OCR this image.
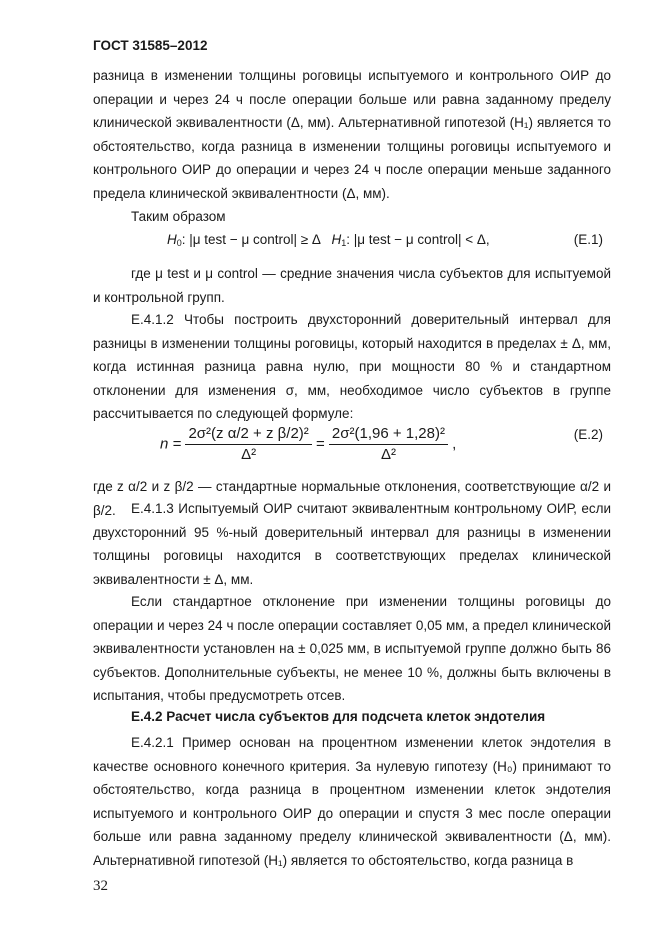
ГОСТ 31585–2012

разница в изменении толщины роговицы испытуемого и контрольного ОИР до операции и через 24 ч после операции больше или равна заданному пределу клинической эквивалентности (Δ, мм). Альтернативной гипотезой (H₁) является то обстоятельство, когда разница в изменении толщины роговицы испытуемого и контрольного ОИР до операции и через 24 ч после операции меньше заданного предела клинической эквивалентности (Δ, мм).

Таким образом

$H_0$: |μ test − μ control| ≥ Δ   $H_1$: |μ test − μ control| < Δ,	(Е.1)

где μ test и μ control — средние значения числа субъектов для испытуемой и контрольной групп.

Е.4.1.2 Чтобы построить двухсторонний доверительный интервал для разницы в изменении толщины роговицы, который находится в пределах ± Δ, мм, когда истинная разница равна нулю, при мощности 80 % и стандартном отклонении для изменения σ, мм, необходимое число субъектов в группе рассчитывается по следующей формуле:

$n = \frac{\text{2σ²(z α/2 + z β/2)²}}{\text{Δ²}} = \frac{\text{2σ²(1,96 + 1,28)²}}{\text{Δ²}}$ ,
(Е.2)

где z α/2 и z β/2 — стандартные нормальные отклонения, соответствующие α/2 и β/2.	Е.4.1.3 Испытуемый ОИР считают эквивалентным контрольному ОИР, если двухсторонний 95 %-ный доверительный интервал для разницы в изменении толщины роговицы находится в соответствующих пределах клинической эквивалентности ± Δ, мм.

Если стандартное отклонение при изменении толщины роговицы до операции и через 24 ч после операции составляет 0,05 мм, а предел клинической эквивалентности установлен на ± 0,025 мм, в испытуемой группе должно быть 86 субъектов. Дополнительные субъекты, не менее 10 %, должны быть включены в испытания, чтобы предусмотреть отсев.

Е.4.2 Расчет числа субъектов для подсчета клеток эндотелия

Е.4.2.1 Пример основан на процентном изменении клеток эндотелия в качестве основного конечного критерия. За нулевую гипотезу (H₀) принимают то обстоятельство, когда разница в процентном изменении клеток эндотелия испытуемого и контрольного ОИР до операции и спустя 3 мес после операции больше или равна заданному пределу клинической эквивалентности (Δ, мм). Альтернативной гипотезой (H₁) является то обстоятельство, когда разница в

32
